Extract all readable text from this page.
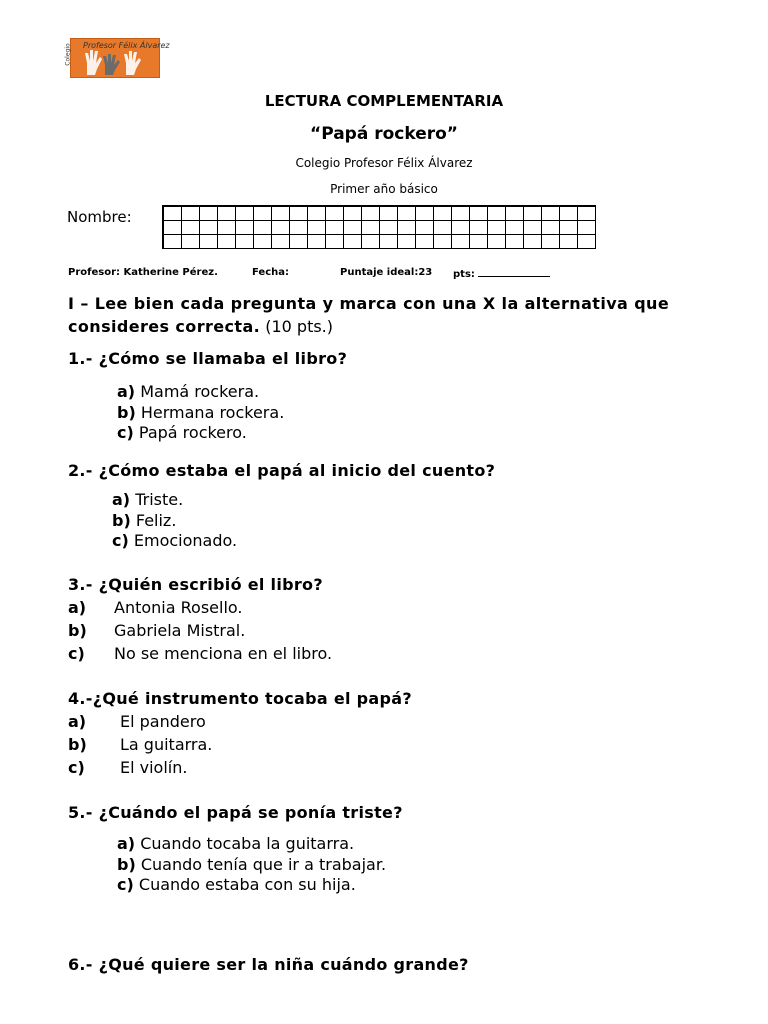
Colegio Profesor Félix Álvarez
LECTURA COMPLEMENTARIA
“Papá rockero”
Colegio Profesor Félix Álvarez
Primer año básico
Nombre:
Profesor: Katherine Pérez.	Fecha:	Puntaje ideal:23 pts:
I – Lee bien cada pregunta y marca con una X la alternativa que consideres correcta. (10 pts.)
1.- ¿Cómo se llamaba el libro?
a) Mamá rockera.
b) Hermana rockera.
c) Papá rockero.
2.- ¿Cómo estaba el papá al inicio del cuento?
a) Triste.
b) Feliz.
c) Emocionado.
3.- ¿Quién escribió el libro?
a) Antonia Rosello.
b) Gabriela Mistral.
c) No se menciona en el libro.
4.-¿Qué instrumento tocaba el papá?
a) El pandero
b) La guitarra.
c) El violín.
5.- ¿Cuándo el papá se ponía triste?
a) Cuando tocaba la guitarra.
b) Cuando tenía que ir a trabajar.
c) Cuando estaba con su hija.
6.- ¿Qué quiere ser la niña cuándo grande?
